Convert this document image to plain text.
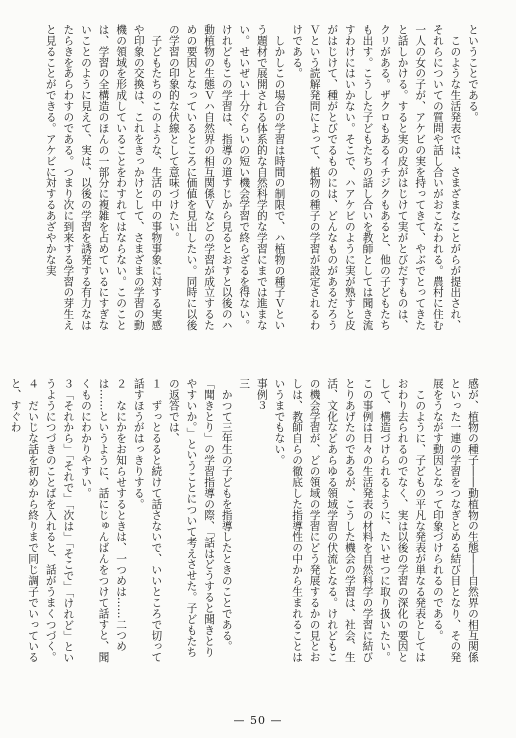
ということである。

　このような生活発表では、さまざまなことがらが提出され、それらについての質問や話し合いがおこなわれる。農村に住む一人の女の子が、アケビの実を持ってきて、やぶでとってきたと話しかける。すると実の皮がはじけて実がとびだすものは、クリがある。ザクロもあるイチジクもあると、他の子どもたちも出す。こうした子どもたちの話し合いを教師としては聞き流すわけにはいかない。そこで、ハアケビのように実が熟すと皮がはじけて、種がとびでるものには、どんなものがあるだろうＶという読解発問によって、植物の種子の学習が設定されるわけである。

　しかしこの場合の学習は時間の制限で、ハ植物の種子Ｖという題材で展開される体系的な自然科学的な学習にまでは進まない。せいぜい十分ぐらいの短い機会学習で終らざるを得ない。けれどもこの学習は、指導の道すじから見るとおすと以後のハ動植物の生態Ｖハ自然界の相互関係Ｖなどの学習が成立するための要因となっているところに価値を見出したい。同時に以後の学習の印象的な伏線として意味づけたい。

　子どもたちのこのような、生活の中の事物事象に対する実感や印象の交換は、これをきっかけとして、さまざまの学習の動機の領域を形成していることをわすれてはならない。このことは、学習の全構造のほんの一部分に複雑を占めているにすぎないことのように見えて、実は、以後の学習を誘発する有力なはたらきをあらわすのである。つまり次に到来する学習の芽生えと見ることができる。アケビに対するあざやかな実

感が、植物の種子――動植物の生態――自然界の相互関係といった一連の学習をつなぎとめる結び目となり、その発展をうながす動因となって印象づけられるのである。

　このように、子どもの平凡な発表が単なる発表としてはおわり去られるのでなく、実は以後の学習の深化の要因として、構造づけられるように、たいせつに取り扱いたい。この事例は日々の生活発表の材料を自然科学の学習に結びとりあげたのであるが、こうした機会の学習は、社会、生活、文化などあらゆる領域学習の伏流となる。けれどもこの機会学習が、どの領域の学習にどう発展するかの見とおしは、教師自らの徹底した指導性の中から生まれることはいうまでもない。

事例３

三

　かつて三年生の子どもを指導したときのことである。

「聞きとり」の学習指導の際、「話はどうすると聞きとりやすいか。」ということについて考えさせた。子どもたちの返答では、

１　ずっとるると続けて話さないで、いいところで切って話すほうがはっきりする。

２　なにかをお知らせするときは、一つめは……二つめは……というように、話にじゅんばんをつけて話すと、聞くものにわかりやすい。

３「それから」「それで」「次は」「そこで」「けれど」というようにつづきのことばを入れると、話がうまくつづく。

４　だいじな話を初めから終りまで同じ調子でいっていると、すぐわ

— 50 —
